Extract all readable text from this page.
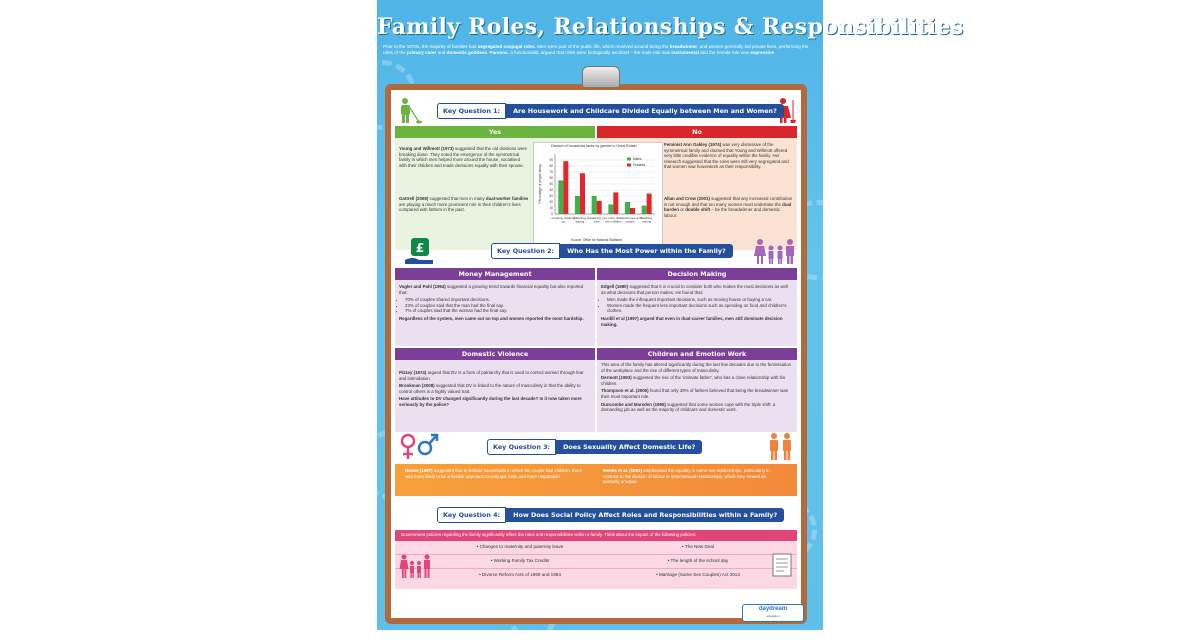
Family Roles, Relationships & Responsibilities
Prior to the 1970s, the majority of families had segregated conjugal roles. Men were part of the public life, which revolved around being the breadwinner, and women generally led private lives, performing the roles of the primary carer and domestic goddess. Parsons, a functionalist, argued that roles were biologically ascribed – the male role was instrumental and the female role was expressive.
Key Question 1:	Are Housework and Childcare Divided Equally between Men and Women?
Yes	No

Young and Willmott (1973) suggested that the old divisions were breaking down. They noted the emergence of the symmetrical family in which men helped more around the house, socialised with their children and made decisions equally with their spouse.

Gattrell (2008) suggested that men in many dual-worker families are playing a much more prominent role in their children's lives compared with fathers in the past.

Feminist Ann Oakley (1974) was very dismissive of the symmetrical family and claimed that Young and Willmott offered very little credible evidence of equality within the family. Her research suggested that the roles were still very segregated and that women saw housework as their responsibility.

Allan and Crow (2001) suggested that any increased contribution is not enough and that too many women must undertake the dual burden or double shift – be the breadwinner and domestic labour.

Division of household tasks by gender in Great Britain
0
10
20
30
40
50
60
70
80
90
Percentage of people doing
Cooking, washing up
Cleaning, tidying
Gardening, pet care
Care of own children
Maintenance and repairs
Washing, ironing
Males
Females
Source: Office for National Statistics
£	Key Question 2:	Who Has the Most Power within the Family?
Money Management	Decision Making

Vogler and Pahl (1994) suggested a growing trend towards financial equality but also reported that:

• 70% of couples shared important decisions.
• 23% of couples said that the man had the final say.
• 7% of couples said that the woman had the final say.

Regardless of the system, men came out on top and women reported the most hardship.

Edgell (1980) suggested that it is crucial to consider both who makes the most decisions as well as what decisions that person makes. He found that:

• Men made the infrequent important decisions, such as moving house or buying a car.
• Women made the frequent less important decisions such as spending on food and children's clothes.

Hardill et al (1997) argued that even in dual-career families, men still dominate decision making.

Domestic Violence	Children and Emotion Work

Pizzey (1974) argued that DV is a form of patriarchy that is used to control women through fear and intimidation.

Brookman (2008) suggested that DV is linked to the nature of masculinity in that the ability to control others is a highly valued trait.

Have attitudes to DV changed significantly during the last decade? Is it now taken more seriously by the police?

This area of the family has altered significantly during the last few decades due to the feminisation of the workplace and the rise of different types of masculinity.

Dermott (1993) suggested the rise of the 'intimate father', who has a close relationship with his children.

Thompson et al. (2005) found that only 39% of fathers believed that being the breadwinner was their most important role.

Duncombe and Marsden (1995) suggested that some women cope with the triple shift: a demanding job as well as the majority of childcare and domestic work.

Key Question 3:	Does Sexuality Affect Domestic Life?

Dunne (1997) suggested that in lesbian households in which the couple had children, there was more likely to be a flexible approach to conjugal roles and more negotiation.

Weeks et al. (1992) emphasised the equality in same-sex relationships, particularly in contrast to the division of labour in heterosexual relationships, which they viewed as primarily unequal.

Key Question 4:	How Does Social Policy Affect Roles and Responsibilities within a Family?
Government policies regarding the family significantly affect the roles and responsibilities within a family. Think about the impact of the following policies:
• Changes to maternity and paternity leave
• Working Family Tax Credits
• Divorce Reform Acts of 1969 and 1984
• The New Deal
• The length of the school day
• Marriage (Same Sex Couples) Act 2013
daydream
education
